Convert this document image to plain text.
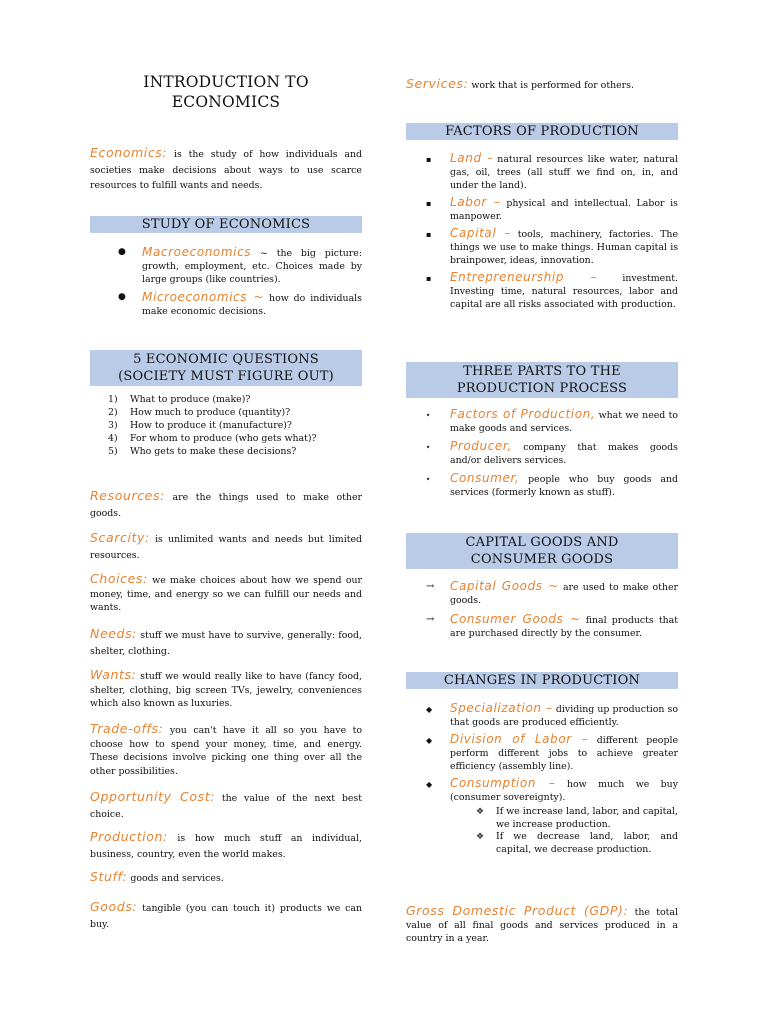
INTRODUCTION TO
ECONOMICS
Economics: is the study of how individuals and societies make decisions about ways to use scarce resources to fulfill wants and needs.
STUDY OF ECONOMICS
● Macroeconomics ~ the big picture: growth, employment, etc. Choices made by large groups (like countries).
● Microeconomics ~ how do individuals make economic decisions.
5 ECONOMIC QUESTIONS
(SOCIETY MUST FIGURE OUT)
1) What to produce (make)?
2) How much to produce (quantity)?
3) How to produce it (manufacture)?
4) For whom to produce (who gets what)?
5) Who gets to make these decisions?
Resources: are the things used to make other goods.
Scarcity: is unlimited wants and needs but limited resources.
Choices: we make choices about how we spend our money, time, and energy so we can fulfill our needs and wants.
Needs: stuff we must have to survive, generally: food, shelter, clothing.
Wants: stuff we would really like to have (fancy food, shelter, clothing, big screen TVs, jewelry, conveniences which also known as luxuries.
Trade-offs: you can't have it all so you have to choose how to spend your money, time, and energy. These decisions involve picking one thing over all the other possibilities.
Opportunity Cost: the value of the next best choice.
Production: is how much stuff an individual, business, country, even the world makes.
Stuff: goods and services.
Goods: tangible (you can touch it) products we can buy.
Services: work that is performed for others.
FACTORS OF PRODUCTION
▪ Land - natural resources like water, natural gas, oil, trees (all stuff we find on, in, and under the land).
▪ Labor – physical and intellectual. Labor is manpower.
▪ Capital – tools, machinery, factories. The things we use to make things. Human capital is brainpower, ideas, innovation.
▪ Entrepreneurship –	investment. Investing time, natural resources, labor and capital are all risks associated with production.
THREE PARTS TO THE
PRODUCTION PROCESS
‣ Factors of Production, what we need to make goods and services.
‣ Producer, company that makes goods and/or delivers services.
‣ Consumer, people who buy goods and services (formerly known as stuff).
CAPITAL GOODS AND
CONSUMER GOODS
→ Capital Goods ~ are used to make other goods.
→ Consumer Goods ~ final products that are purchased directly by the consumer.
CHANGES IN PRODUCTION
◆ Specialization – dividing up production so that goods are produced efficiently.
◆ Division of Labor – different people perform different jobs to achieve greater efficiency (assembly line).
◆ Consumption – how much we buy (consumer sovereignty).
❖ If we increase land, labor, and capital, we increase production.
❖ If we decrease land, labor, and capital, we decrease production.
Gross Domestic Product (GDP): the total value of all final goods and services produced in a country in a year.
